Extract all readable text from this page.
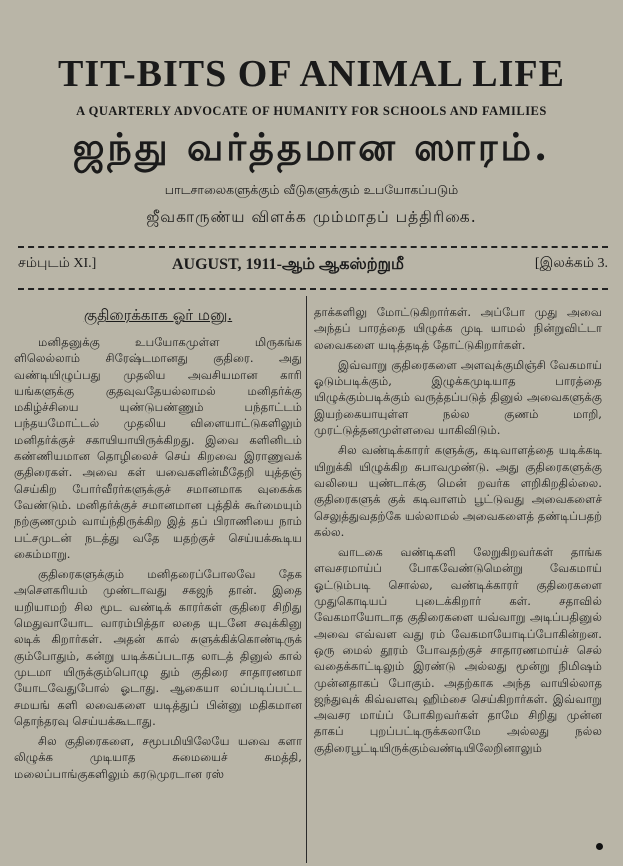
TIT-BITS OF ANIMAL LIFE
A QUARTERLY ADVOCATE OF HUMANITY FOR SCHOOLS AND FAMILIES
ஜந்து வர்த்தமான ஸாரம்.
பாடசாலைகளுக்கும் வீடுகளுக்கும் உபயோகப்படும்
ஜீவகாருண்ய விளக்க மும்மாதப் பத்திரிகை.
சம்புடம் XI.]	AUGUST, 1911-ஆம் ஆகஸ்ற்றுமீ	[இலக்கம் 3.
குதிரைக்காக ஓர் மனு.

மனிதனுக்கு உபயோகமுள்ள மிருகங்க ளிலெல்லாம் சிரேஷ்டமானது குதிரை. அது வண்டியிழுப்பது முதலிய அவசியமான காரி யங்களுக்கு குதவுவதேயல்லாமல் மனிதர்க்கு மகிழ்ச்சியை யுண்டுபண்ணும் பந்தாட்டம் பந்தயமோட்டல் முதலிய விளையாட்டுகளிலும் மனிதர்க்குச் சகாயியாயிருக்கிறது. இவை களினிடம் கண்ணியமான தொழிலைச் செய் கிறவை இராணுவக் குதிரைகள். அவை கள் யவைகளின்மீதேறி யுத்தஞ் செய்கிற போர்வீரர்களுக்குச் சமானமாக வுகைக்க வேண்டும். மனிதர்க்குச் சமானமான புத்திக் கூர்மையும் நற்குணமும் வாய்ந்திருக்கிற இத் தப் பிராணியை நாம் பட்சமுடன் நடத்து வதே யதற்குச் செய்யக்கூடிய கைம்மாறு.

குதிரைகளுக்கும் மனிதரைப்போலவே தேக அசௌகரியம் முண்டாவது சகஜந் தான். இதை யறியாமற் சில மூட வண்டிக் காரர்கள் குதிரை சிறிது மெதுவாயோட வாரம்பித்தா லதை யுடனே சவுக்கினு லடிக் கிறார்கள். அதன் கால் சுளுக்கிக்கொண்டிருக் கும்போதும், கன்று யடிக்கப்படாத லாடத் தினுல் கால் முடமா யிருக்கும்பொழு தும் குதிரை சாதாரணமா யோடவேதுபோல் ஓடாது. ஆகையா லப்படிப்பட்ட சமயங் களி லவைகளை யடித்துப் பின்னு மதிகமான தொந்தரவு செய்யக்கூடாது.

சில குதிரைகளை, சமூபமியிலேயே யவை களா லிழுக்க முடியாத சுமையைச் சுமத்தி, மலைப்பாங்குகளிலும் கரடுமுரடான ரஸ்

தாக்களிலு மோட்டுகிறார்கள். அப்போ முது அவை அந்தப் பாரத்தை யிழுக்க முடி யாமல் நின்றுவிட்டா லவைகளை யடித்தடித் தோட்டுகிறார்கள்.

இவ்வாறு குதிரைகளை அளவுக்குமிஞ்சி வேகமாய் ஓடும்படிக்கும், இழுக்கமுடியாத பாரத்தை யிழுக்கும்படிக்கும் வருத்தப்படுத் தினுல் அவைகளுக்கு இயற்கையாயுள்ள நல்ல குணம் மாறி, முரட்டுத்தனமுள்ளவை யாகிவிடும்.

சில வண்டிக்காரர் களுக்கு, கடிவாளத்தை யடிக்கடி யிறுக்கி யிழுக்கிற சுபாவமுண்டு. அது குதிரைகளுக்கு வலியை யுண்டாக்கு மென் றவர்க ளறிகிறதில்லை. குதிரைகளுக் குக் கடிவாளம் பூட்டுவது அவைகளைச் செலுத்துவதற்கே யல்லாமல் அவைகளைத் தண்டிப்பதற் கல்ல.

வாடகை வண்டிகளி லேறுகிறவர்கள் தாங்க ளவசரமாய்ப் போகவேண்டுமென்று வேகமாய் ஓட்டும்படி சொல்ல, வண்டிக்காரர் குதிரைகளை முதுகொடியப் புடைக்கிறார் கள். சதாவில் வேகமாயோடாத குதிரைகளை யவ்வாறு அடிப்பதினுல் அவை எவ்வள வது ரம் வேகமாயோடிப்போகின்றன. ஒரு மைல் தூரம் போவதற்குச் சாதாரணமாய்ச் செல் வதைக்காட்டிலும் இரண்டு அல்லது மூன்று நிமிஷம் முன்னதாகப் போகும். அதற்காக அந்த வாயில்லாத ஜந்துவுக் கிவ்வளவு ஹிம்சை செய்கிறார்கள். இவ்வாறு அவசர மாய்ப் போகிறவர்கள் தாமே சிறிது முன்ன தாகப் புறப்பட்டிருக்கலாமே அல்லது நல்ல குதிரைபூட்டியிருக்கும்வண்டியிலேறினாலும்
